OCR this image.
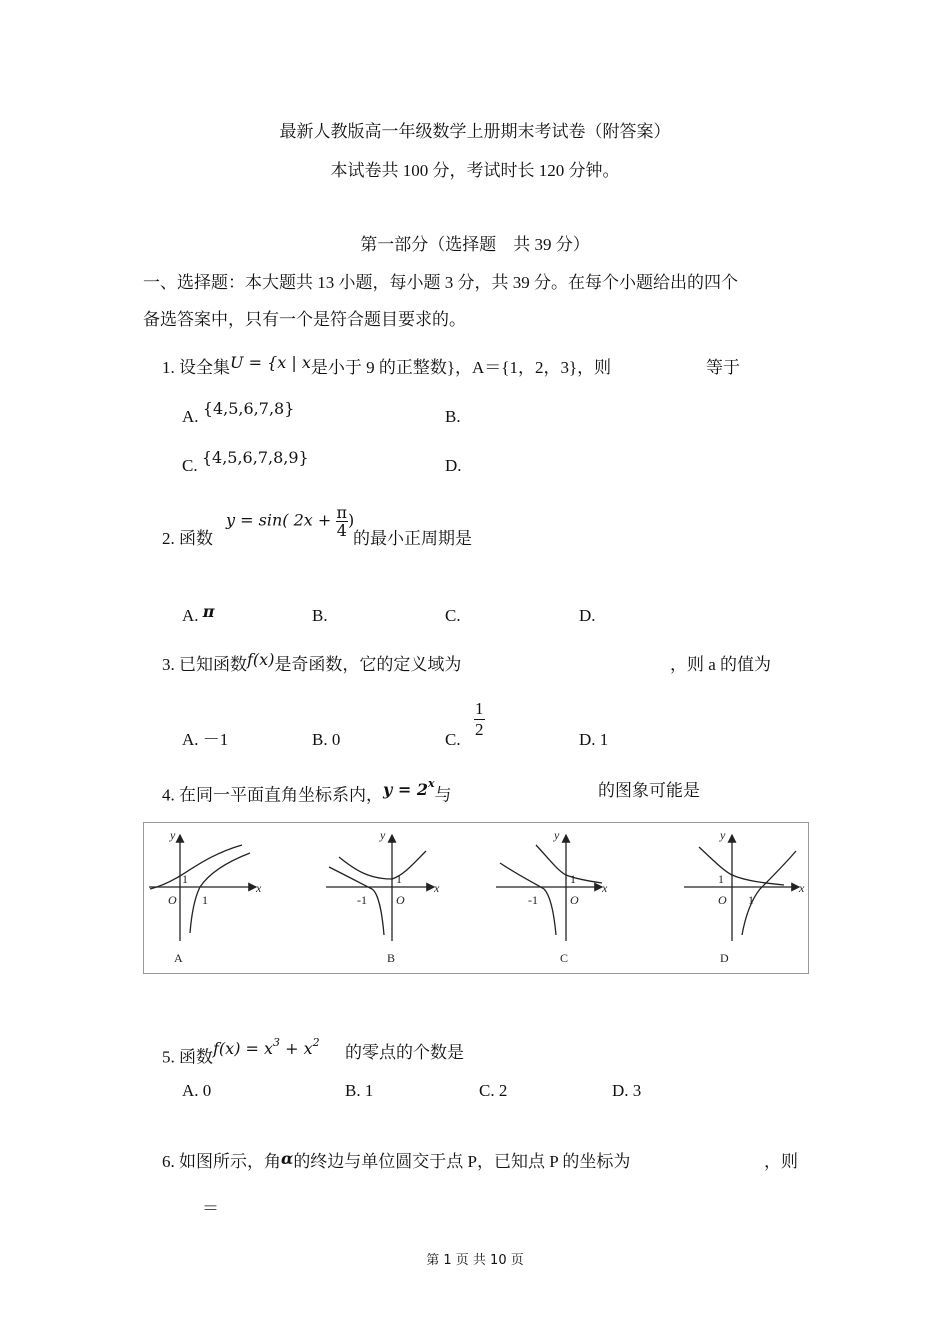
最新人教版高一年级数学上册期末考试卷（附答案）
本试卷共 100 分，考试时长 120 分钟。
第一部分（选择题　共 39 分）
一、选择题：本大题共 13 小题，每小题 3 分，共 39 分。在每个小题给出的四个
备选答案中，只有一个是符合题目要求的。
1. 设全集U = {x | x是小于 9 的正整数}，A＝{1，2，3}，则	等于
A. {4,5,6,7,8}	B.
C. {4,5,6,7,8,9}	D.
2. 函数
y = sin( $2x + \frac{\pi}{4}$ )
的最小正周期是
A. π	B.	C.	D.
3. 已知函数f(x)是奇函数，它的定义域为	，则 a 的值为
A. －1	B. 0	C. $\frac{1}{2}$	D. 1
4. 在同一平面直角坐标系内，$y = 2^x$与	的图象可能是
y
x
O
1
1
A
y
x
O
1
-1
B
y
x
O
1
-1
C
y
x
O
1
1
D
5. 函数$f(x) = x^3 + x^2$
的零点的个数是
A. 0	B. 1	C. 2	D. 3
6. 如图所示，角α的终边与单位圆交于点 P，已知点 P 的坐标为	，则
＝
第 1 页 共 10 页
